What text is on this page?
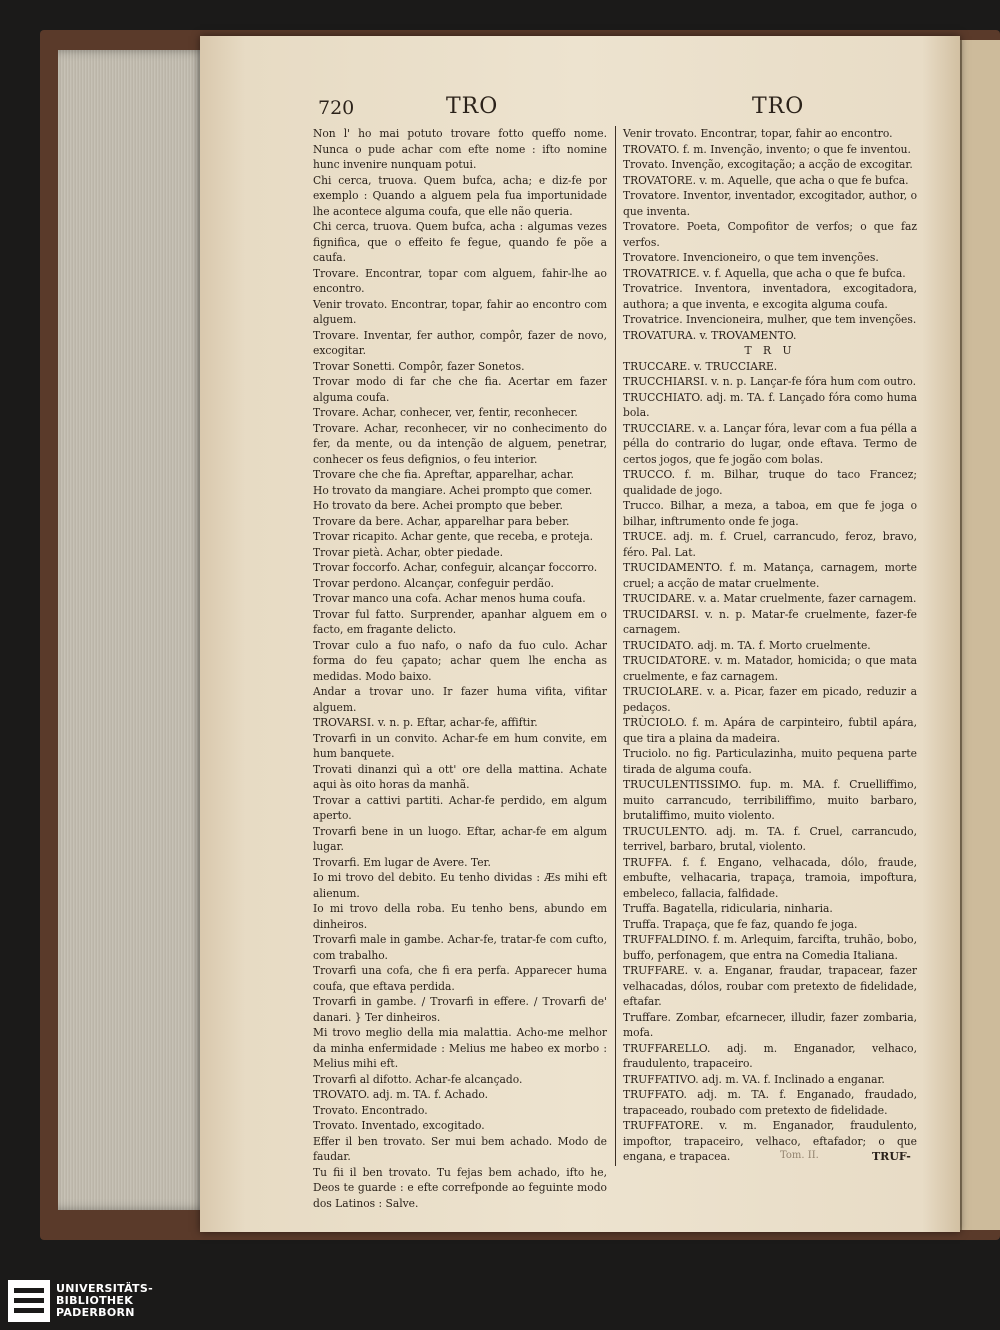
720	TRO	TRO

Non l' ho mai potuto trovare fotto queffo nome. Nunca o pude achar com efte nome : ifto nomine hunc invenire nunquam potui.

Chi cerca, truova. Quem bufca, acha; e diz-fe por exemplo : Quando a alguem pela fua importunidade lhe acontece alguma coufa, que elle não queria.

Chi cerca, truova. Quem bufca, acha : algumas vezes fignifica, que o effeito fe fegue, quando fe põe a caufa.

Trovare. Encontrar, topar com alguem, fahir-lhe ao encontro.

Venir trovato. Encontrar, topar, fahir ao encontro com alguem.

Trovare. Inventar, fer author, compôr, fazer de novo, excogitar.

Trovar Sonetti. Compôr, fazer Sonetos.

Trovar modo di far che che fia. Acertar em fazer alguma coufa.

Trovare. Achar, conhecer, ver, fentir, reconhecer.

Trovare. Achar, reconhecer, vir no conhecimento do fer, da mente, ou da intenção de alguem, penetrar, conhecer os feus defignios, o feu interior.

Trovare che che fia. Apreftar, apparelhar, achar.

Ho trovato da mangiare. Achei prompto que comer.

Ho trovato da bere. Achei prompto que beber.

Trovare da bere. Achar, apparelhar para beber.

Trovar ricapito. Achar gente, que receba, e proteja.

Trovar pietà. Achar, obter piedade.

Trovar foccorfo. Achar, confeguir, alcançar foccorro.

Trovar perdono. Alcançar, confeguir perdão.

Trovar manco una cofa. Achar menos huma coufa.

Trovar ful fatto. Surprender, apanhar alguem em o facto, em fragante delicto.

Trovar culo a fuo nafo, o nafo da fuo culo. Achar forma do feu çapato; achar quem lhe encha as medidas. Modo baixo.

Andar a trovar uno. Ir fazer huma vifita, vifitar alguem.

TROVARSI. v. n. p. Eftar, achar-fe, affiftir.

Trovarfi in un convito. Achar-fe em hum convite, em hum banquete.

Trovati dinanzi quì a ott' ore della mattina. Achate aqui às oito horas da manhã.

Trovar a cattivi partiti. Achar-fe perdido, em algum aperto.

Trovarfi bene in un luogo. Eftar, achar-fe em algum lugar.

Trovarfi. Em lugar de Avere. Ter.

Io mi trovo del debito. Eu tenho dividas : Æs mihi eft alienum.

Io mi trovo della roba. Eu tenho bens, abundo em dinheiros.

Trovarfi male in gambe. Achar-fe, tratar-fe com cufto, com trabalho.

Trovarfi una cofa, che fi era perfa. Apparecer huma coufa, que eftava perdida.

Trovarfi in gambe. / Trovarfi in effere. / Trovarfi de' danari. } Ter dinheiros.

Mi trovo meglio della mia malattia. Acho-me melhor da minha enfermidade : Melius me habeo ex morbo : Melius mihi eft.

Trovarfi al difotto. Achar-fe alcançado.

TROVATO. adj. m. TA. f. Achado.

Trovato. Encontrado.

Trovato. Inventado, excogitado.

Effer il ben trovato. Ser mui bem achado. Modo de faudar.

Tu fii il ben trovato. Tu fejas bem achado, ifto he, Deos te guarde : e efte correfponde ao feguinte modo dos Latinos : Salve.

Venir trovato. Encontrar, topar, fahir ao encontro.

TROVATO. f. m. Invenção, invento; o que fe inventou.

Trovato. Invenção, excogitação; a acção de excogitar.

TROVATORE. v. m. Aquelle, que acha o que fe bufca.

Trovatore. Inventor, inventador, excogitador, author, o que inventa.

Trovatore. Poeta, Compofitor de verfos; o que faz verfos.

Trovatore. Invencioneiro, o que tem invenções.

TROVATRICE. v. f. Aquella, que acha o que fe bufca.

Trovatrice. Inventora, inventadora, excogitadora, authora; a que inventa, e excogita alguma coufa.

Trovatrice. Invencioneira, mulher, que tem invenções.

TROVATURA. v. TROVAMENTO.

T R U

TRUCCARE. v. TRUCCIARE.

TRUCCHIARSI. v. n. p. Lançar-fe fóra hum com outro.

TRUCCHIATO. adj. m. TA. f. Lançado fóra como huma bola.

TRUCCIARE. v. a. Lançar fóra, levar com a fua pélla a pélla do contrario do lugar, onde eftava. Termo de certos jogos, que fe jogão com bolas.

TRUCCO. f. m. Bilhar, truque do taco Francez; qualidade de jogo.

Trucco. Bilhar, a meza, a taboa, em que fe joga o bilhar, inftrumento onde fe joga.

TRUCE. adj. m. f. Cruel, carrancudo, feroz, bravo, féro. Pal. Lat.

TRUCIDAMENTO. f. m. Matança, carnagem, morte cruel; a acção de matar cruelmente.

TRUCIDARE. v. a. Matar cruelmente, fazer carnagem.

TRUCIDARSI. v. n. p. Matar-fe cruelmente, fazer-fe carnagem.

TRUCIDATO. adj. m. TA. f. Morto cruelmente.

TRUCIDATORE. v. m. Matador, homicida; o que mata cruelmente, e faz carnagem.

TRUCIOLARE. v. a. Picar, fazer em picado, reduzir a pedaços.

TRÙCIOLO. f. m. Apára de carpinteiro, fubtil apára, que tira a plaina da madeira.

Truciolo. no fig. Particulazinha, muito pequena parte tirada de alguma coufa.

TRUCULENTISSIMO. fup. m. MA. f. Cruelliffimo, muito carrancudo, terribiliffimo, muito barbaro, brutaliffimo, muito violento.

TRUCULENTO. adj. m. TA. f. Cruel, carrancudo, terrivel, barbaro, brutal, violento.

TRUFFA. f. f. Engano, velhacada, dólo, fraude, embufte, velhacaria, trapaça, tramoia, impoftura, embeleco, fallacia, falfidade.

Truffa. Bagatella, ridicularia, ninharia.

Truffa. Trapaça, que fe faz, quando fe joga.

TRUFFALDINO. f. m. Arlequim, farcifta, truhão, bobo, buffo, perfonagem, que entra na Comedia Italiana.

TRUFFARE. v. a. Enganar, fraudar, trapacear, fazer velhacadas, dólos, roubar com pretexto de fidelidade, eftafar.

Truffare. Zombar, efcarnecer, illudir, fazer zombaria, mofa.

TRUFFARELLO. adj. m. Enganador, velhaco, fraudulento, trapaceiro.

TRUFFATIVO. adj. m. VA. f. Inclinado a enganar.

TRUFFATO. adj. m. TA. f. Enganado, fraudado, trapaceado, roubado com pretexto de fidelidade.

TRUFFATORE. v. m. Enganador, fraudulento, impoftor, trapaceiro, velhaco, eftafador; o que engana, e trapacea.	Tom. II.	TRUF-
UNIVERSITÄTS-
BIBLIOTHEK
PADERBORN
